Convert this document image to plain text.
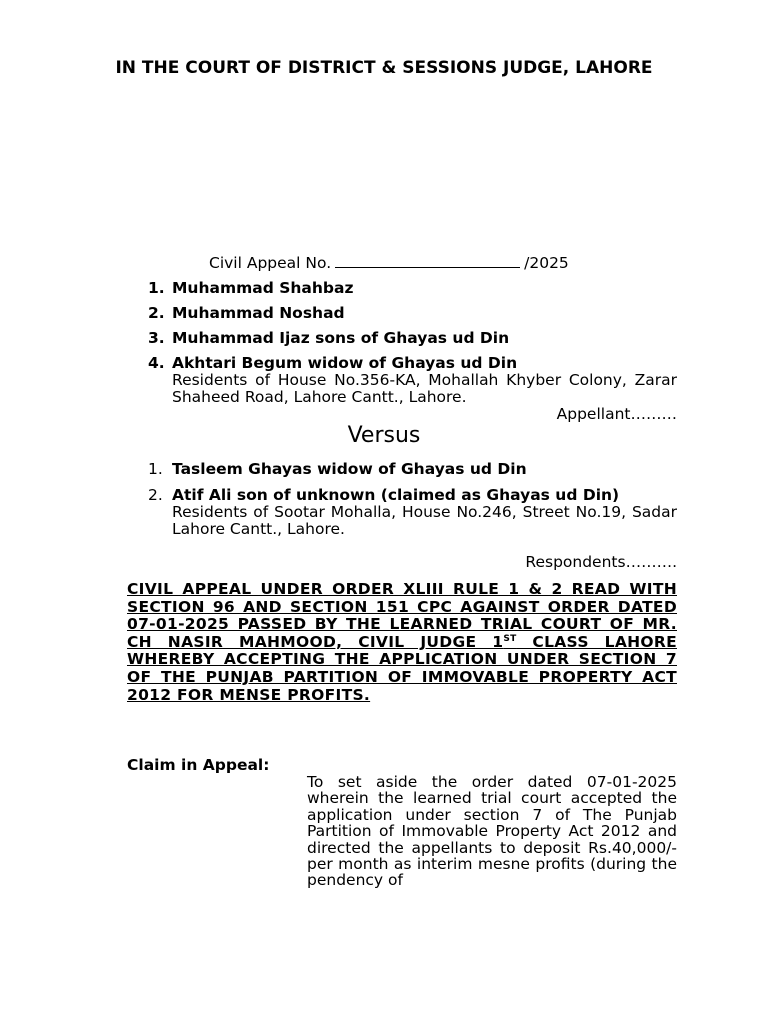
IN THE COURT OF DISTRICT & SESSIONS JUDGE, LAHORE
Civil Appeal No.	/2025
1. Muhammad Shahbaz
2. Muhammad Noshad
3. Muhammad Ijaz sons of Ghayas ud Din
4. Akhtari Begum widow of Ghayas ud Din
Residents of House No.356-KA, Mohallah Khyber Colony, Zarar Shaheed Road, Lahore Cantt., Lahore.
Appellant………
Versus
1. Tasleem Ghayas widow of Ghayas ud Din
2. Atif Ali son of unknown (claimed as Ghayas ud Din)
Residents of Sootar Mohalla, House No.246, Street No.19, Sadar Lahore Cantt., Lahore.
Respondents……….
CIVIL APPEAL UNDER ORDER XLIII RULE 1 & 2 READ WITH SECTION 96 AND SECTION 151 CPC AGAINST ORDER DATED 07-01-2025 PASSED BY THE LEARNED TRIAL COURT OF MR. CH NASIR MAHMOOD, CIVIL JUDGE 1ST CLASS LAHORE WHEREBY ACCEPTING THE APPLICATION UNDER SECTION 7 OF THE PUNJAB PARTITION OF IMMOVABLE PROPERTY ACT 2012 FOR MENSE PROFITS.
Claim in Appeal:
To set aside the order dated 07-01-2025 wherein the learned trial court accepted the application under section 7 of The Punjab Partition of Immovable Property Act 2012 and directed the appellants to deposit Rs.40,000/- per month as interim mesne profits (during the pendency of
